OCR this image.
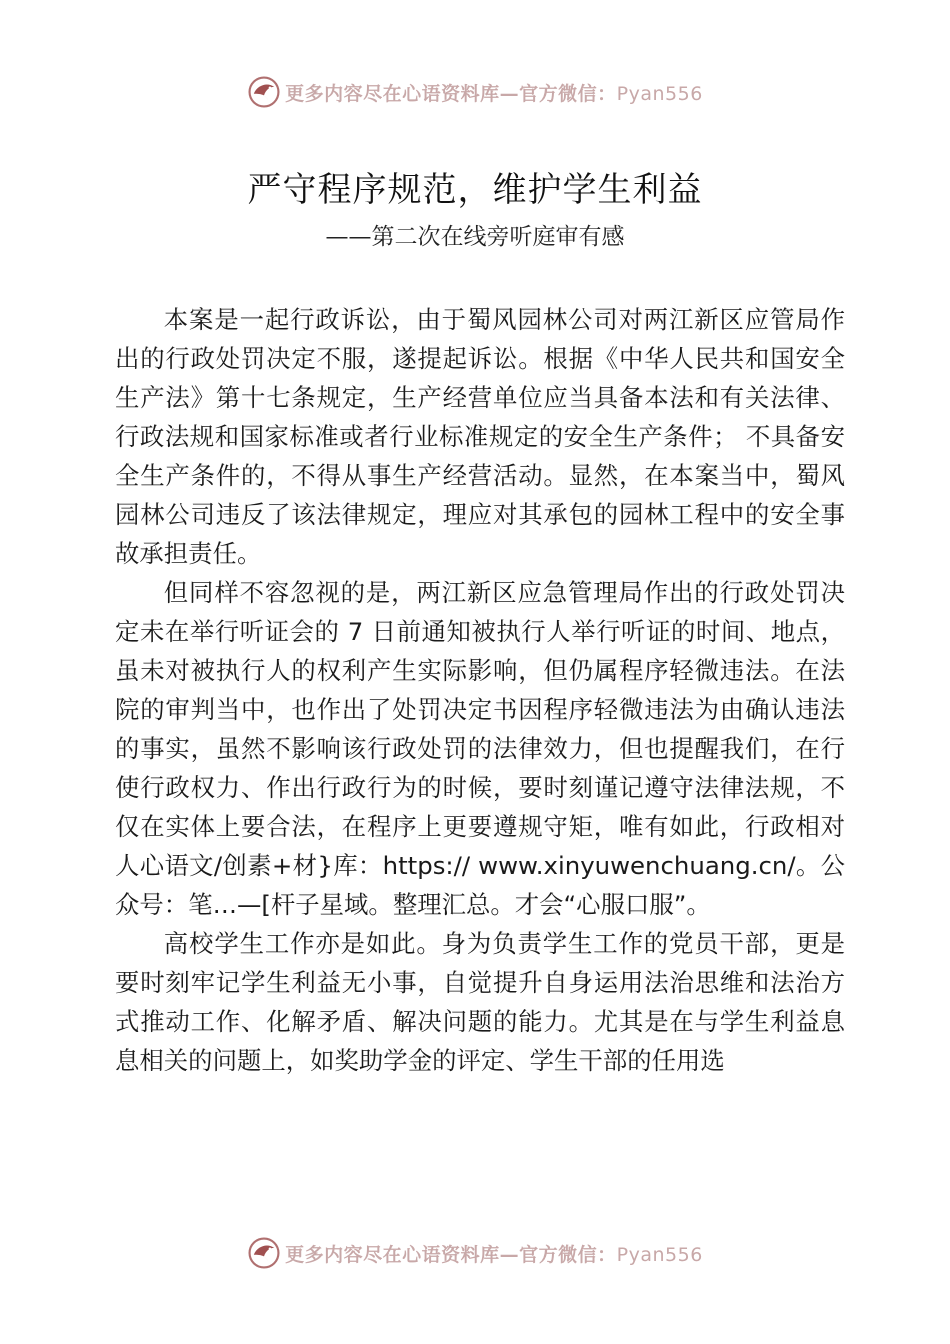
更多内容尽在心语资料库—官方微信：Pyan556
严守程序规范，维护学生利益
——第二次在线旁听庭审有感

本案是一起行政诉讼，由于蜀风园林公司对两江新区应管局作出的行政处罚决定不服，遂提起诉讼。根据《中华人民共和国安全生产法》第十七条规定，生产经营单位应当具备本法和有关法律、行政法规和国家标准或者行业标准规定的安全生产条件； 不具备安全生产条件的，不得从事生产经营活动。显然，在本案当中，蜀风园林公司违反了该法律规定，理应对其承包的园林工程中的安全事故承担责任。

但同样不容忽视的是，两江新区应急管理局作出的行政处罚决定未在举行听证会的 7 日前通知被执行人举行听证的时间、地点，虽未对被执行人的权利产生实际影响，但仍属程序轻微违法。在法院的审判当中，也作出了处罚决定书因程序轻微违法为由确认违法的事实，虽然不影响该行政处罚的法律效力，但也提醒我们，在行使行政权力、作出行政行为的时候，要时刻谨记遵守法律法规，不仅在实体上要合法，在程序上更要遵规守矩，唯有如此，行政相对人心语文/创素+材}库：https:// www.xinyuwenchuang.cn/。公众号：笔…—[杆子星域。整理汇总。才会“心服口服”。

高校学生工作亦是如此。身为负责学生工作的党员干部，更是要时刻牢记学生利益无小事，自觉提升自身运用法治思维和法治方式推动工作、化解矛盾、解决问题的能力。尤其是在与学生利益息息相关的问题上，如奖助学金的评定、学生干部的任用选

更多内容尽在心语资料库—官方微信：Pyan556
